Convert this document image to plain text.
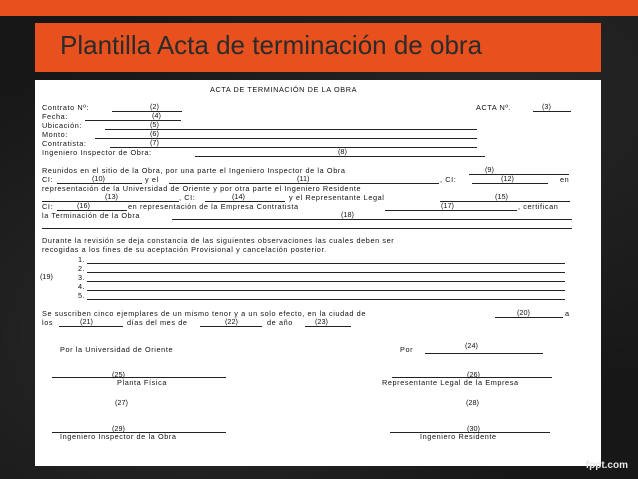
Plantilla Acta de terminación de obra
ACTA DE TERMINACIÓN DE LA OBRA
Contrato Nº:	(2)	ACTA Nº.	(3)
Fecha:	(4)
Ubicación:	(5)
Monto:	(6)
Contratista:	(7)
Ingeniero Inspector de Obra:	(8)
Reunidos en el sitio de la Obra, por una parte el Ingeniero Inspector de la Obra	(9)
CI:	(10)	y el	(11)	, CI:	(12)	en
representación de la Universidad de Oriente y por otra parte el Ingeniero Residente
(13)	, CI:	(14)	y el Representante Legal	(15)
CI:	(16)	en representación de la Empresa Contratista	(17)	, certifican
la Terminación de la Obra	(18)
Durante la revisión se deja constancia de las siguientes observaciones las cuales deben ser
recogidas a los fines de su aceptación Provisional y cancelación posterior.
1.
2.
(19)	3.
4.
5.
Se suscriben cinco ejemplares de un mismo tenor y a un solo efecto, en la ciudad de	(20)	a
los	(21)	días del mes de	(22)	de año	(23)
Por la Universidad de Oriente	Por	(24)
(25)
Planta Física
(26)
Representante Legal de la Empresa
(27)	(28)
(29)
Ingeniero Inspector de la Obra
(30)
Ingeniero Residente
fppt.com
